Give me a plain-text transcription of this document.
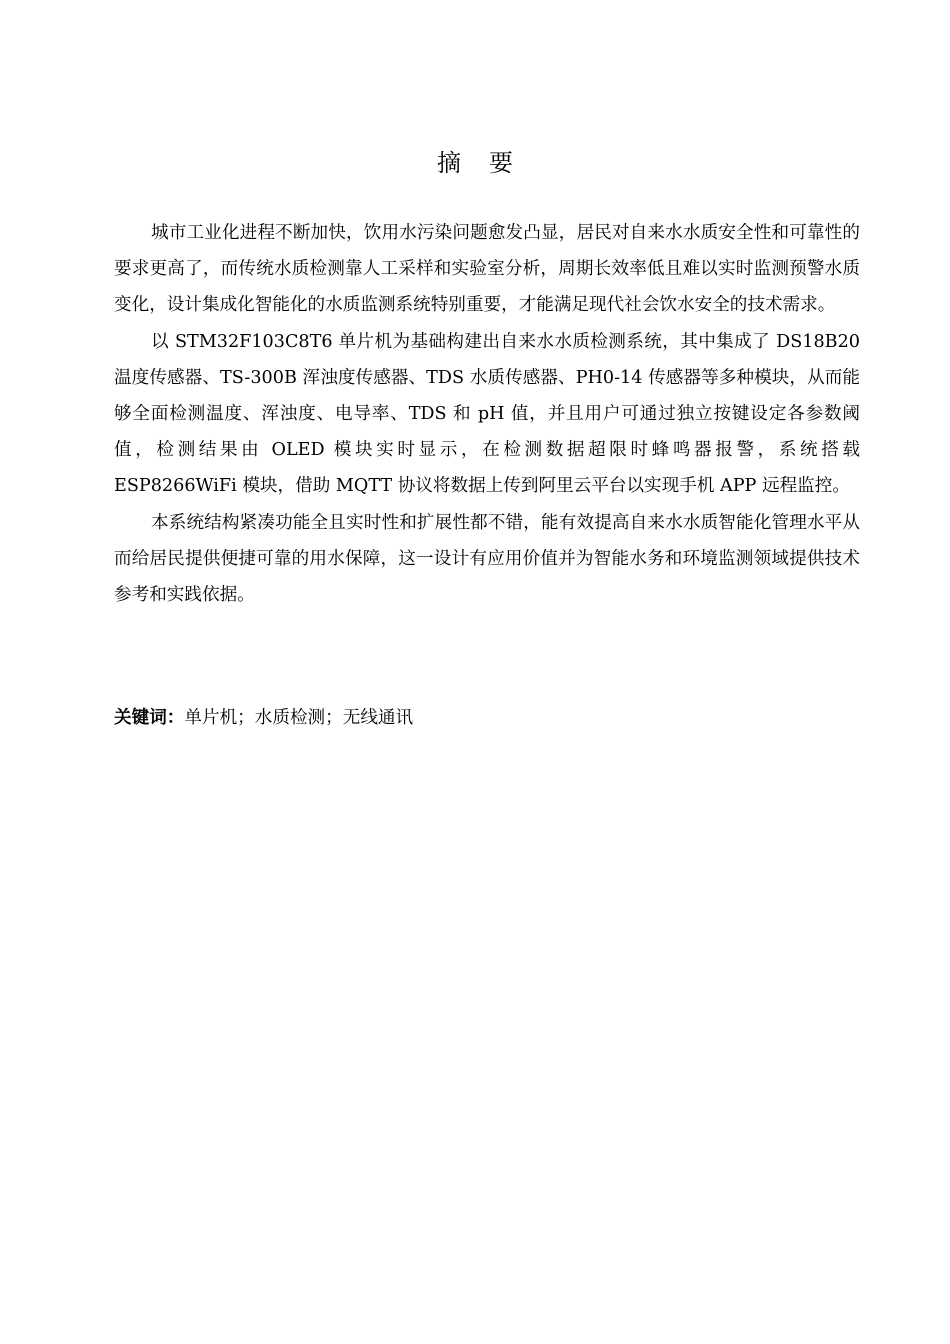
摘要

城市工业化进程不断加快，饮用水污染问题愈发凸显，居民对自来水水质安全性和可靠性的要求更高了，而传统水质检测靠人工采样和实验室分析，周期长效率低且难以实时监测预警水质变化，设计集成化智能化的水质监测系统特别重要，才能满足现代社会饮水安全的技术需求。

以 STM32F103C8T6 单片机为基础构建出自来水水质检测系统，其中集成了 DS18B20 温度传感器、TS-300B 浑浊度传感器、TDS 水质传感器、PH0-14 传感器等多种模块，从而能够全面检测温度、浑浊度、电导率、TDS 和 pH 值，并且用户可通过独立按键设定各参数阈值，检测结果由 OLED 模块实时显示，在检测数据超限时蜂鸣器报警，系统搭载 ESP8266WiFi 模块，借助 MQTT 协议将数据上传到阿里云平台以实现手机 APP 远程监控。

本系统结构紧凑功能全且实时性和扩展性都不错，能有效提高自来水水质智能化管理水平从而给居民提供便捷可靠的用水保障，这一设计有应用价值并为智能水务和环境监测领域提供技术参考和实践依据。

关键词：单片机；水质检测；无线通讯
